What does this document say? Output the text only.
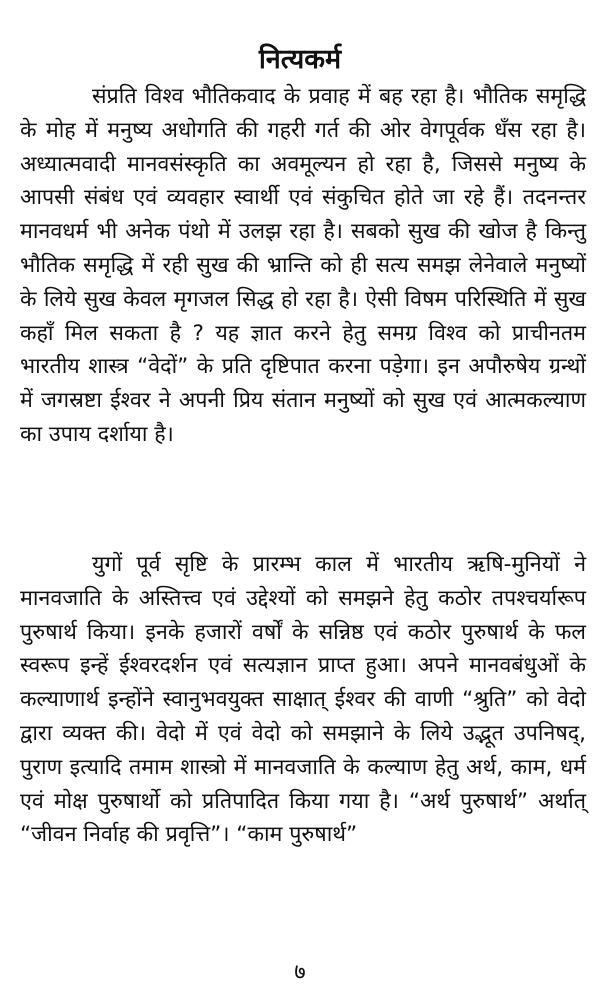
नित्यकर्म

संप्रति विश्व भौतिकवाद के प्रवाह में बह रहा है। भौतिक समृद्धि के मोह में मनुष्य अधोगति की गहरी गर्त की ओर वेगपूर्वक धँस रहा है। अध्यात्मवादी मानवसंस्कृति का अवमूल्यन हो रहा है, जिससे मनुष्य के आपसी संबंध एवं व्यवहार स्वार्थी एवं संकुचित होते जा रहे हैं। तदनन्तर मानवधर्म भी अनेक पंथो में उलझ रहा है। सबको सुख की खोज है किन्तु भौतिक समृद्धि में रही सुख की भ्रान्ति को ही सत्य समझ लेनेवाले मनुष्यों के लिये सुख केवल मृगजल सिद्ध हो रहा है। ऐसी विषम परिस्थिति में सुख कहाँ मिल सकता है ? यह ज्ञात करने हेतु समग्र विश्व को प्राचीनतम भारतीय शास्त्र “वेदों” के प्रति दृष्टिपात करना पड़ेगा। इन अपौरुषेय ग्रन्थों में जगस्रष्टा ईश्वर ने अपनी प्रिय संतान मनुष्यों को सुख एवं आत्मकल्याण का उपाय दर्शाया है।

युगों पूर्व सृष्टि के प्रारम्भ काल में भारतीय ऋषि-मुनियों ने मानवजाति के अस्तित्त्व एवं उद्देश्यों को समझने हेतु कठोर तपश्चर्यारूप पुरुषार्थ किया। इनके हजारों वर्षों के सन्निष्ठ एवं कठोर पुरुषार्थ के फल स्वरूप इन्हें ईश्वरदर्शन एवं सत्यज्ञान प्राप्त हुआ। अपने मानवबंधुओं के कल्याणार्थ इन्होंने स्वानुभवयुक्त साक्षात् ईश्वर की वाणी “श्रुति” को वेदो द्वारा व्यक्त की। वेदो में एवं वेदो को समझाने के लिये उद्भूत उपनिषद्, पुराण इत्यादि तमाम शास्त्रो में मानवजाति के कल्याण हेतु अर्थ, काम, धर्म एवं मोक्ष पुरुषार्थो को प्रतिपादित किया गया है। “अर्थ पुरुषार्थ” अर्थात् “जीवन निर्वाह की प्रवृत्ति”। “काम पुरुषार्थ”

७
